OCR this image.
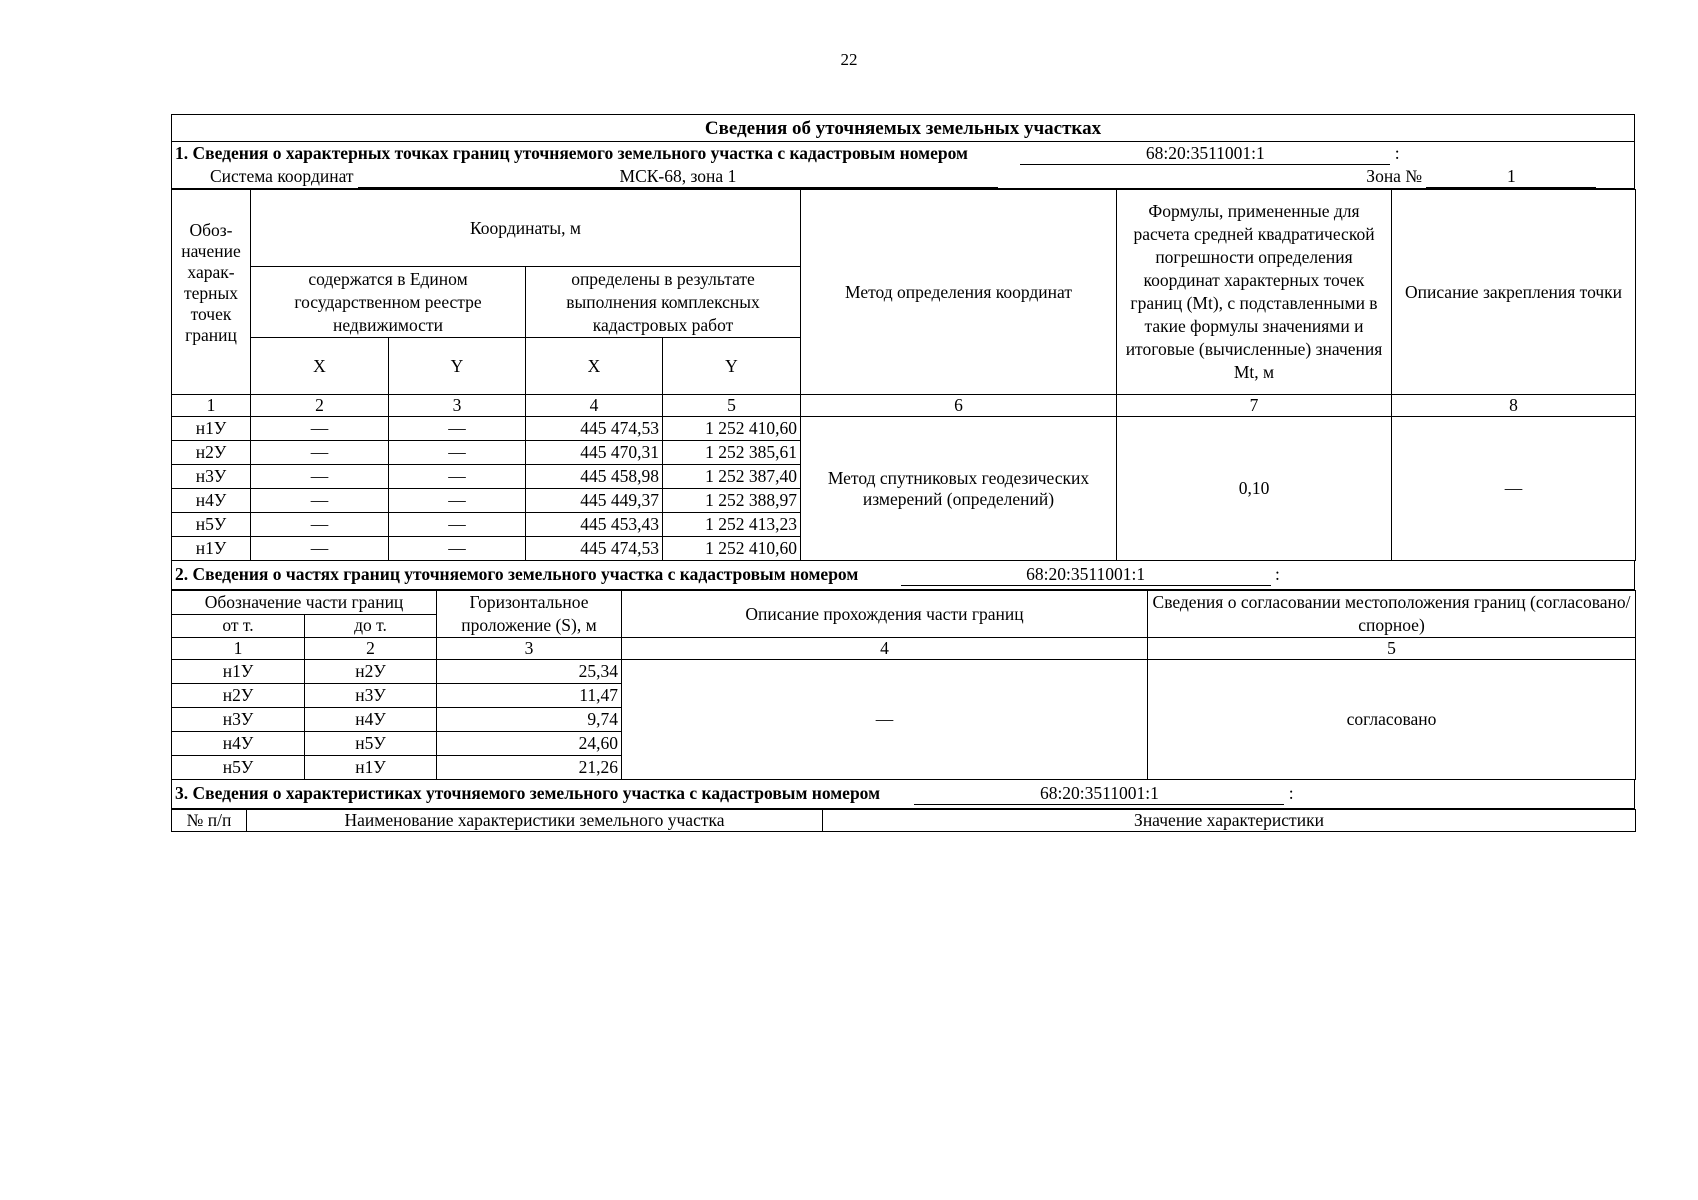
22
Сведения об уточняемых земельных участках
1. Сведения о характерных точках границ уточняемого земельного участка с кадастровым номером	68:20:3511001:1	:
Система координат	МСК-68, зона 1	Зона №	1
Обоз-начение харак-терных точек границ	Координаты, м				Метод определения координат	Формулы, примененные для расчета средней квадратической погрешности определения координат характерных точек границ (Mt), с подставленными в такие формулы значениями и итоговые (вычисленные) значения Mt, м	Описание закрепления точки
	содержатся в Едином государственном реестре недвижимости		определены в результате выполнения комплексных кадастровых работ				
	X	Y	X	Y			

1	2	3	4	5	6	7	8
н1У	—	—	445 474,53	1 252 410,60	Метод спутниковых геодезических измерений (определений)	0,10	—
н2У	—	—	445 470,31	1 252 385,61			
н3У	—	—	445 458,98	1 252 387,40			
н4У	—	—	445 449,37	1 252 388,97			
н5У	—	—	445 453,43	1 252 413,23			
н1У	—	—	445 474,53	1 252 410,60			
2. Сведения о частях границ уточняемого земельного участка с кадастровым номером	68:20:3511001:1	:
Обозначение части границ		Горизонтальное проложение (S), м	Описание прохождения части границ	Сведения о согласовании местоположения границ (согласовано/спорное)
от т.	до т.			
1	2	3	4	5
н1У	н2У	25,34	—	согласовано
н2У	н3У	11,47		
н3У	н4У	9,74		
н4У	н5У	24,60		
н5У	н1У	21,26		
3. Сведения о характеристиках уточняемого земельного участка с кадастровым номером	68:20:3511001:1	:
№ п/п	Наименование характеристики земельного участка	Значение характеристики
